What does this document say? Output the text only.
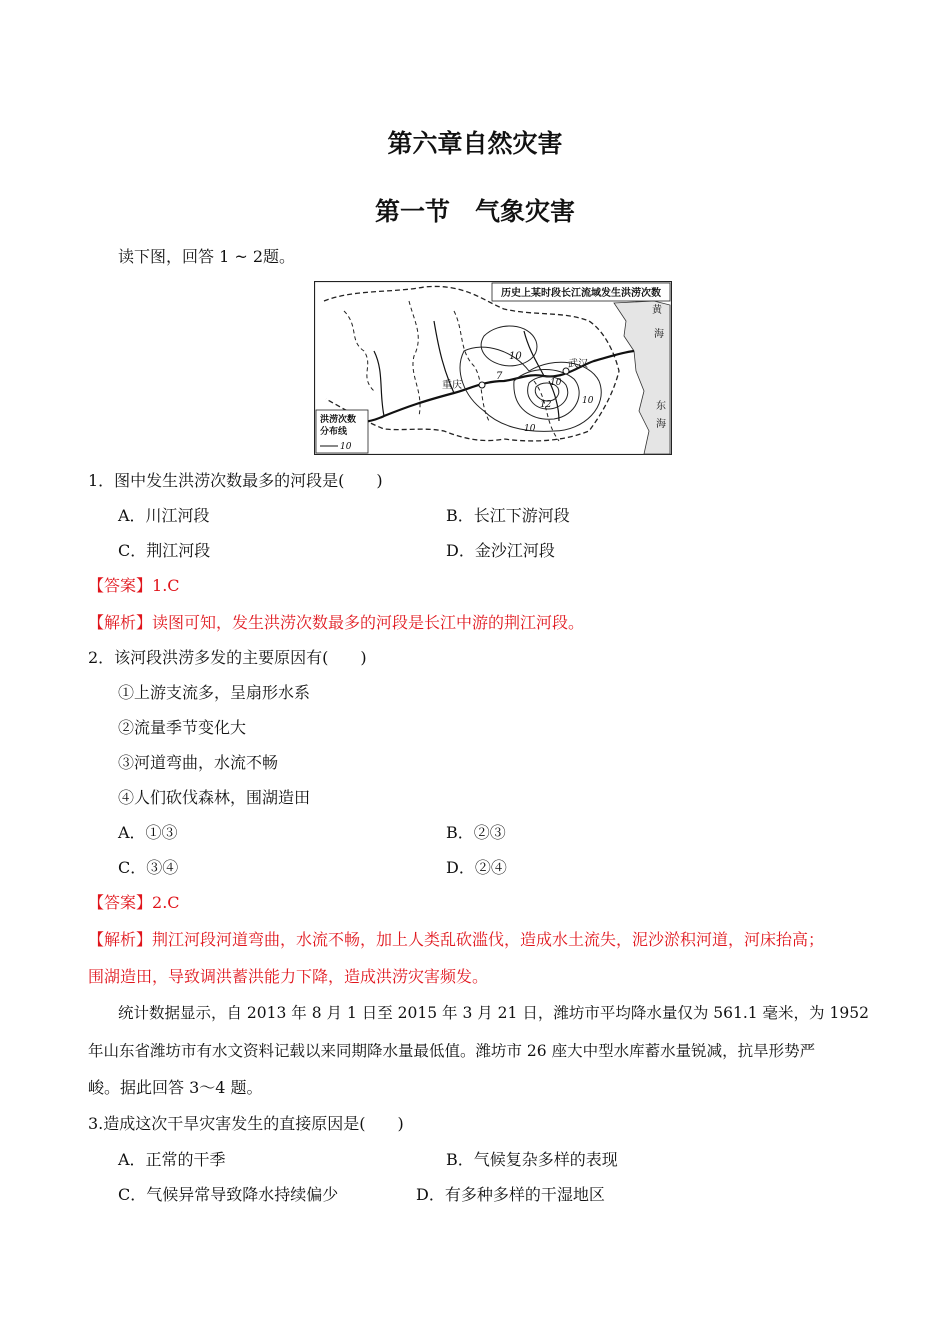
第六章自然灾害
第一节　气象灾害
读下图，回答 1 ~ 2题。
历史上某时段长江流域发生洪涝次数
重庆
武汉
10
7
10
12	10
10
黄
海
东
海
洪涝次数
分布线
10
1．图中发生洪涝次数最多的河段是(　　)
A．川江河段	B．长江下游河段
C．荆江河段	D．金沙江河段
【答案】1.C
【解析】读图可知，发生洪涝次数最多的河段是长江中游的荆江河段。
2．该河段洪涝多发的主要原因有(　　)
①上游支流多，呈扇形水系
②流量季节变化大
③河道弯曲，水流不畅
④人们砍伐森林，围湖造田
A．①③	B．②③
C．③④	D．②④
【答案】2.C
【解析】荆江河段河道弯曲，水流不畅，加上人类乱砍滥伐，造成水土流失，泥沙淤积河道，河床抬高；
围湖造田，导致调洪蓄洪能力下降，造成洪涝灾害频发。
统计数据显示，自 2013 年 8 月 1 日至 2015 年 3 月 21 日，潍坊市平均降水量仅为 561.1 毫米，为 1952
年山东省潍坊市有水文资料记载以来同期降水量最低值。潍坊市 26 座大中型水库蓄水量锐减，抗旱形势严
峻。据此回答 3～4 题。
3.造成这次干旱灾害发生的直接原因是(　　)
A．正常的干季	B．气候复杂多样的表现
C．气候异常导致降水持续偏少	D．有多种多样的干湿地区
